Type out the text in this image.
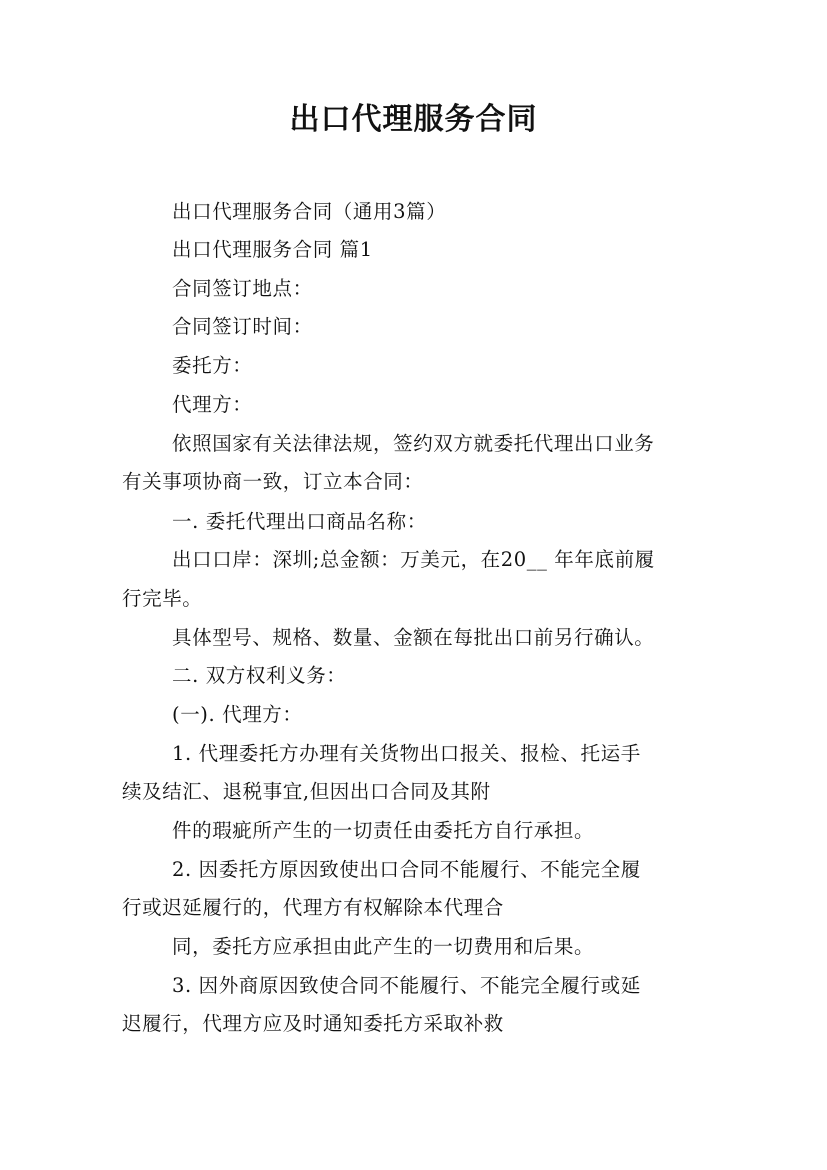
出口代理服务合同

出口代理服务合同（通用3篇）

出口代理服务合同 篇1

合同签订地点：

合同签订时间：

委托方：

代理方：

依照国家有关法律法规，签约双方就委托代理出口业务

有关事项协商一致，订立本合同：

一. 委托代理出口商品名称：

出口口岸：深圳;总金额：万美元，在20__ 年年底前履

行完毕。

具体型号、规格、数量、金额在每批出口前另行确认。

二. 双方权利义务：

(一). 代理方：

1. 代理委托方办理有关货物出口报关、报检、托运手

续及结汇、退税事宜,但因出口合同及其附

件的瑕疵所产生的一切责任由委托方自行承担。

2. 因委托方原因致使出口合同不能履行、不能完全履

行或迟延履行的，代理方有权解除本代理合

同，委托方应承担由此产生的一切费用和后果。

3. 因外商原因致使合同不能履行、不能完全履行或延

迟履行，代理方应及时通知委托方采取补救
